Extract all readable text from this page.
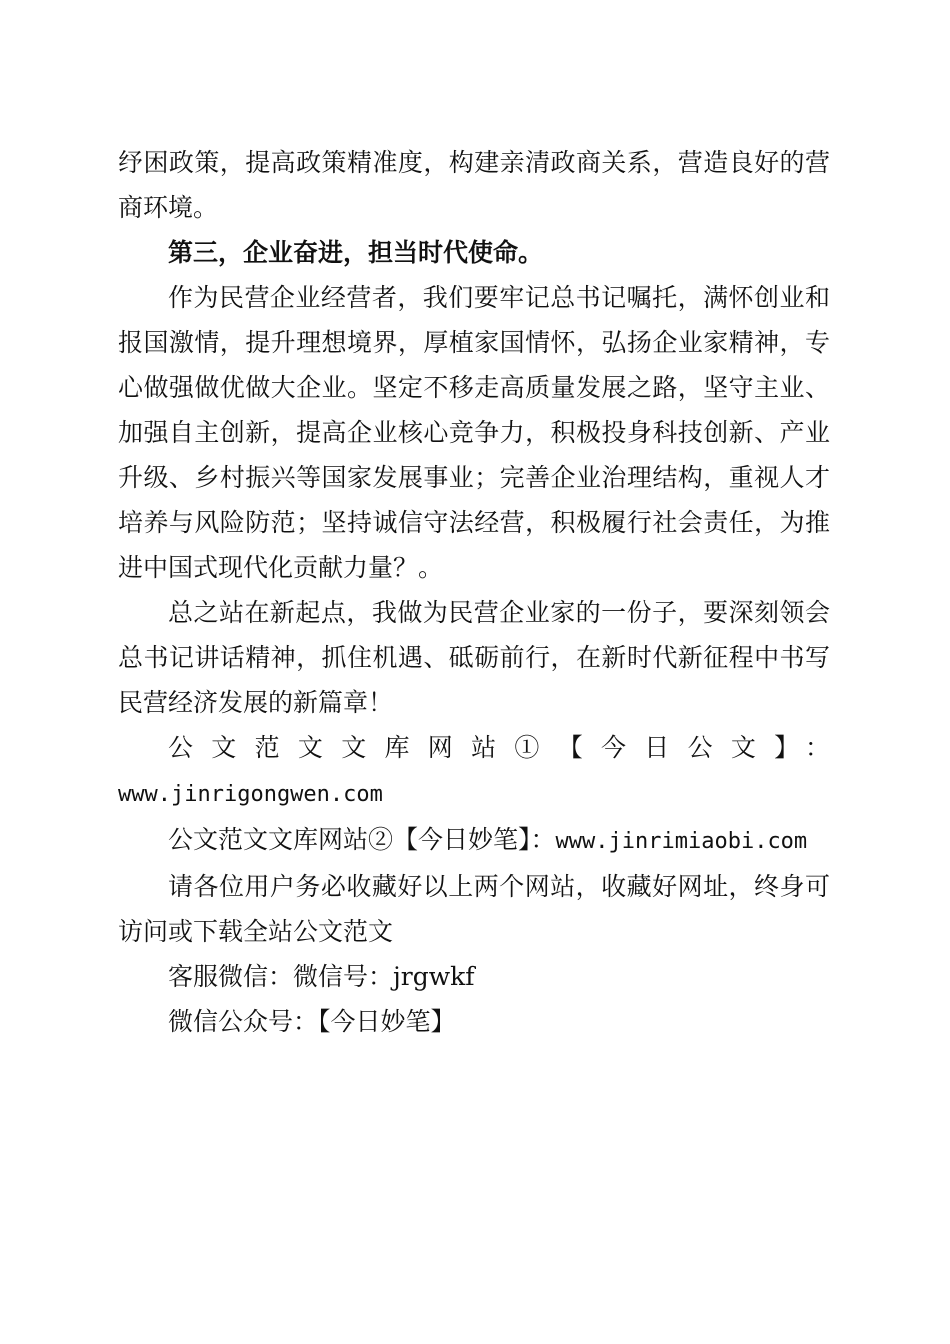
纾困政策，提高政策精准度，构建亲清政商关系，营造良好的营商环境。

第三，企业奋进，担当时代使命。

作为民营企业经营者，我们要牢记总书记嘱托，满怀创业和报国激情，提升理想境界，厚植家国情怀，弘扬企业家精神，专心做强做优做大企业。坚定不移走高质量发展之路，坚守主业、加强自主创新，提高企业核心竞争力，积极投身科技创新、产业升级、乡村振兴等国家发展事业；完善企业治理结构，重视人才培养与风险防范；坚持诚信守法经营，积极履行社会责任，为推进中国式现代化贡献力量？。

总之站在新起点，我做为民营企业家的一份子，要深刻领会总书记讲话精神，抓住机遇、砥砺前行，在新时代新征程中书写民营经济发展的新篇章！

公文范文文库网站①【今日公文】：

www.jinrigongwen.com

公文范文文库网站②【今日妙笔】：www.jinrimiaobi.com

请各位用户务必收藏好以上两个网站，收藏好网址，终身可访问或下载全站公文范文

客服微信：微信号：jrgwkf

微信公众号：【今日妙笔】
